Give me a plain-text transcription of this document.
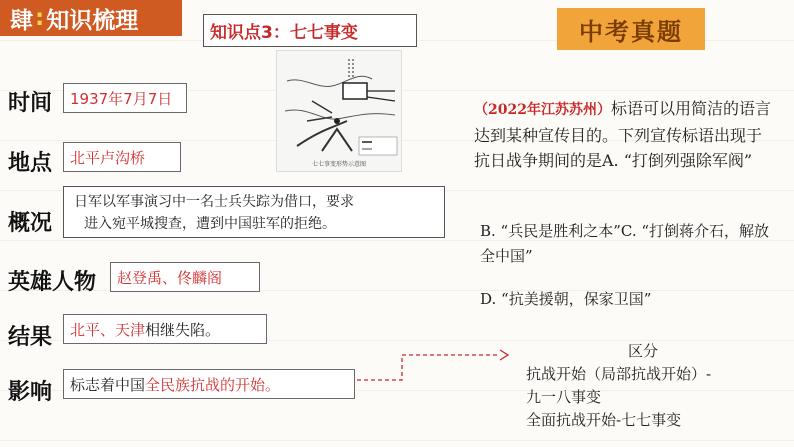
肆 : 知识梳理	知识点3：七七事变
七七事变形势示意图
时间	1937年7月7日
地点	北平卢沟桥
概况
日军以军事演习中一名士兵失踪为借口，要求
进入宛平城搜查，遭到中国驻军的拒绝。
英雄人物	赵登禹、佟麟阁
结果 北平、天津 相继失陷。
影响 标志着中国 全民族抗战的开始。
中考真题
（2022年江苏苏州）标语可以用简洁的语言达到某种宣传目的。下列宣传标语出现于抗日战争期间的是A. “打倒列强除军阀”
B. “兵民是胜利之本”C. “打倒蒋介石，解放全中国”
D. “抗美援朝，保家卫国”
区分
抗战开始（局部抗战开始）-
九一八事变
全面抗战开始-七七事变
